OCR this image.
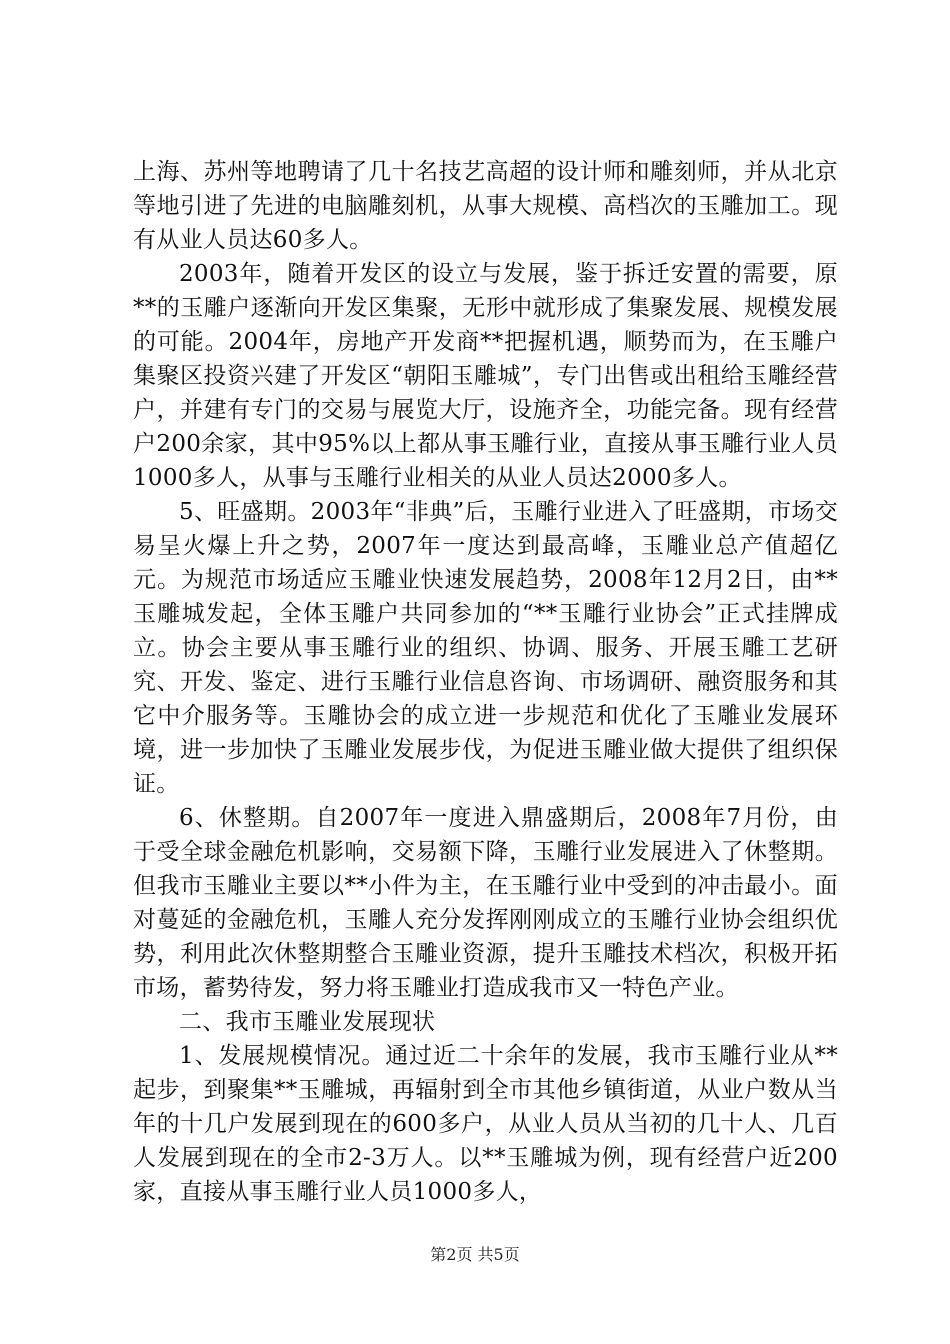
上海、苏州等地聘请了几十名技艺高超的设计师和雕刻师，并从北京等地引进了先进的电脑雕刻机，从事大规模、高档次的玉雕加工。现有从业人员达60多人。

2003年，随着开发区的设立与发展，鉴于拆迁安置的需要，原**的玉雕户逐渐向开发区集聚，无形中就形成了集聚发展、规模发展的可能。2004年，房地产开发商**把握机遇，顺势而为，在玉雕户集聚区投资兴建了开发区“朝阳玉雕城”，专门出售或出租给玉雕经营户，并建有专门的交易与展览大厅，设施齐全，功能完备。现有经营户200余家，其中95%以上都从事玉雕行业，直接从事玉雕行业人员1000多人，从事与玉雕行业相关的从业人员达2000多人。

5、旺盛期。2003年“非典”后，玉雕行业进入了旺盛期，市场交易呈火爆上升之势，2007年一度达到最高峰，玉雕业总产值超亿元。为规范市场适应玉雕业快速发展趋势，2008年12月2日，由**玉雕城发起，全体玉雕户共同参加的“**玉雕行业协会”正式挂牌成立。协会主要从事玉雕行业的组织、协调、服务、开展玉雕工艺研究、开发、鉴定、进行玉雕行业信息咨询、市场调研、融资服务和其它中介服务等。玉雕协会的成立进一步规范和优化了玉雕业发展环境，进一步加快了玉雕业发展步伐，为促进玉雕业做大提供了组织保证。

6、休整期。自2007年一度进入鼎盛期后，2008年7月份，由于受全球金融危机影响，交易额下降，玉雕行业发展进入了休整期。但我市玉雕业主要以**小件为主，在玉雕行业中受到的冲击最小。面对蔓延的金融危机，玉雕人充分发挥刚刚成立的玉雕行业协会组织优势，利用此次休整期整合玉雕业资源，提升玉雕技术档次，积极开拓市场，蓄势待发，努力将玉雕业打造成我市又一特色产业。

二、我市玉雕业发展现状

1、发展规模情况。通过近二十余年的发展，我市玉雕行业从**起步，到聚集**玉雕城，再辐射到全市其他乡镇街道，从业户数从当年的十几户发展到现在的600多户，从业人员从当初的几十人、几百人发展到现在的全市2-3万人。以**玉雕城为例，现有经营户近200家，直接从事玉雕行业人员1000多人，

第2页 共5页
